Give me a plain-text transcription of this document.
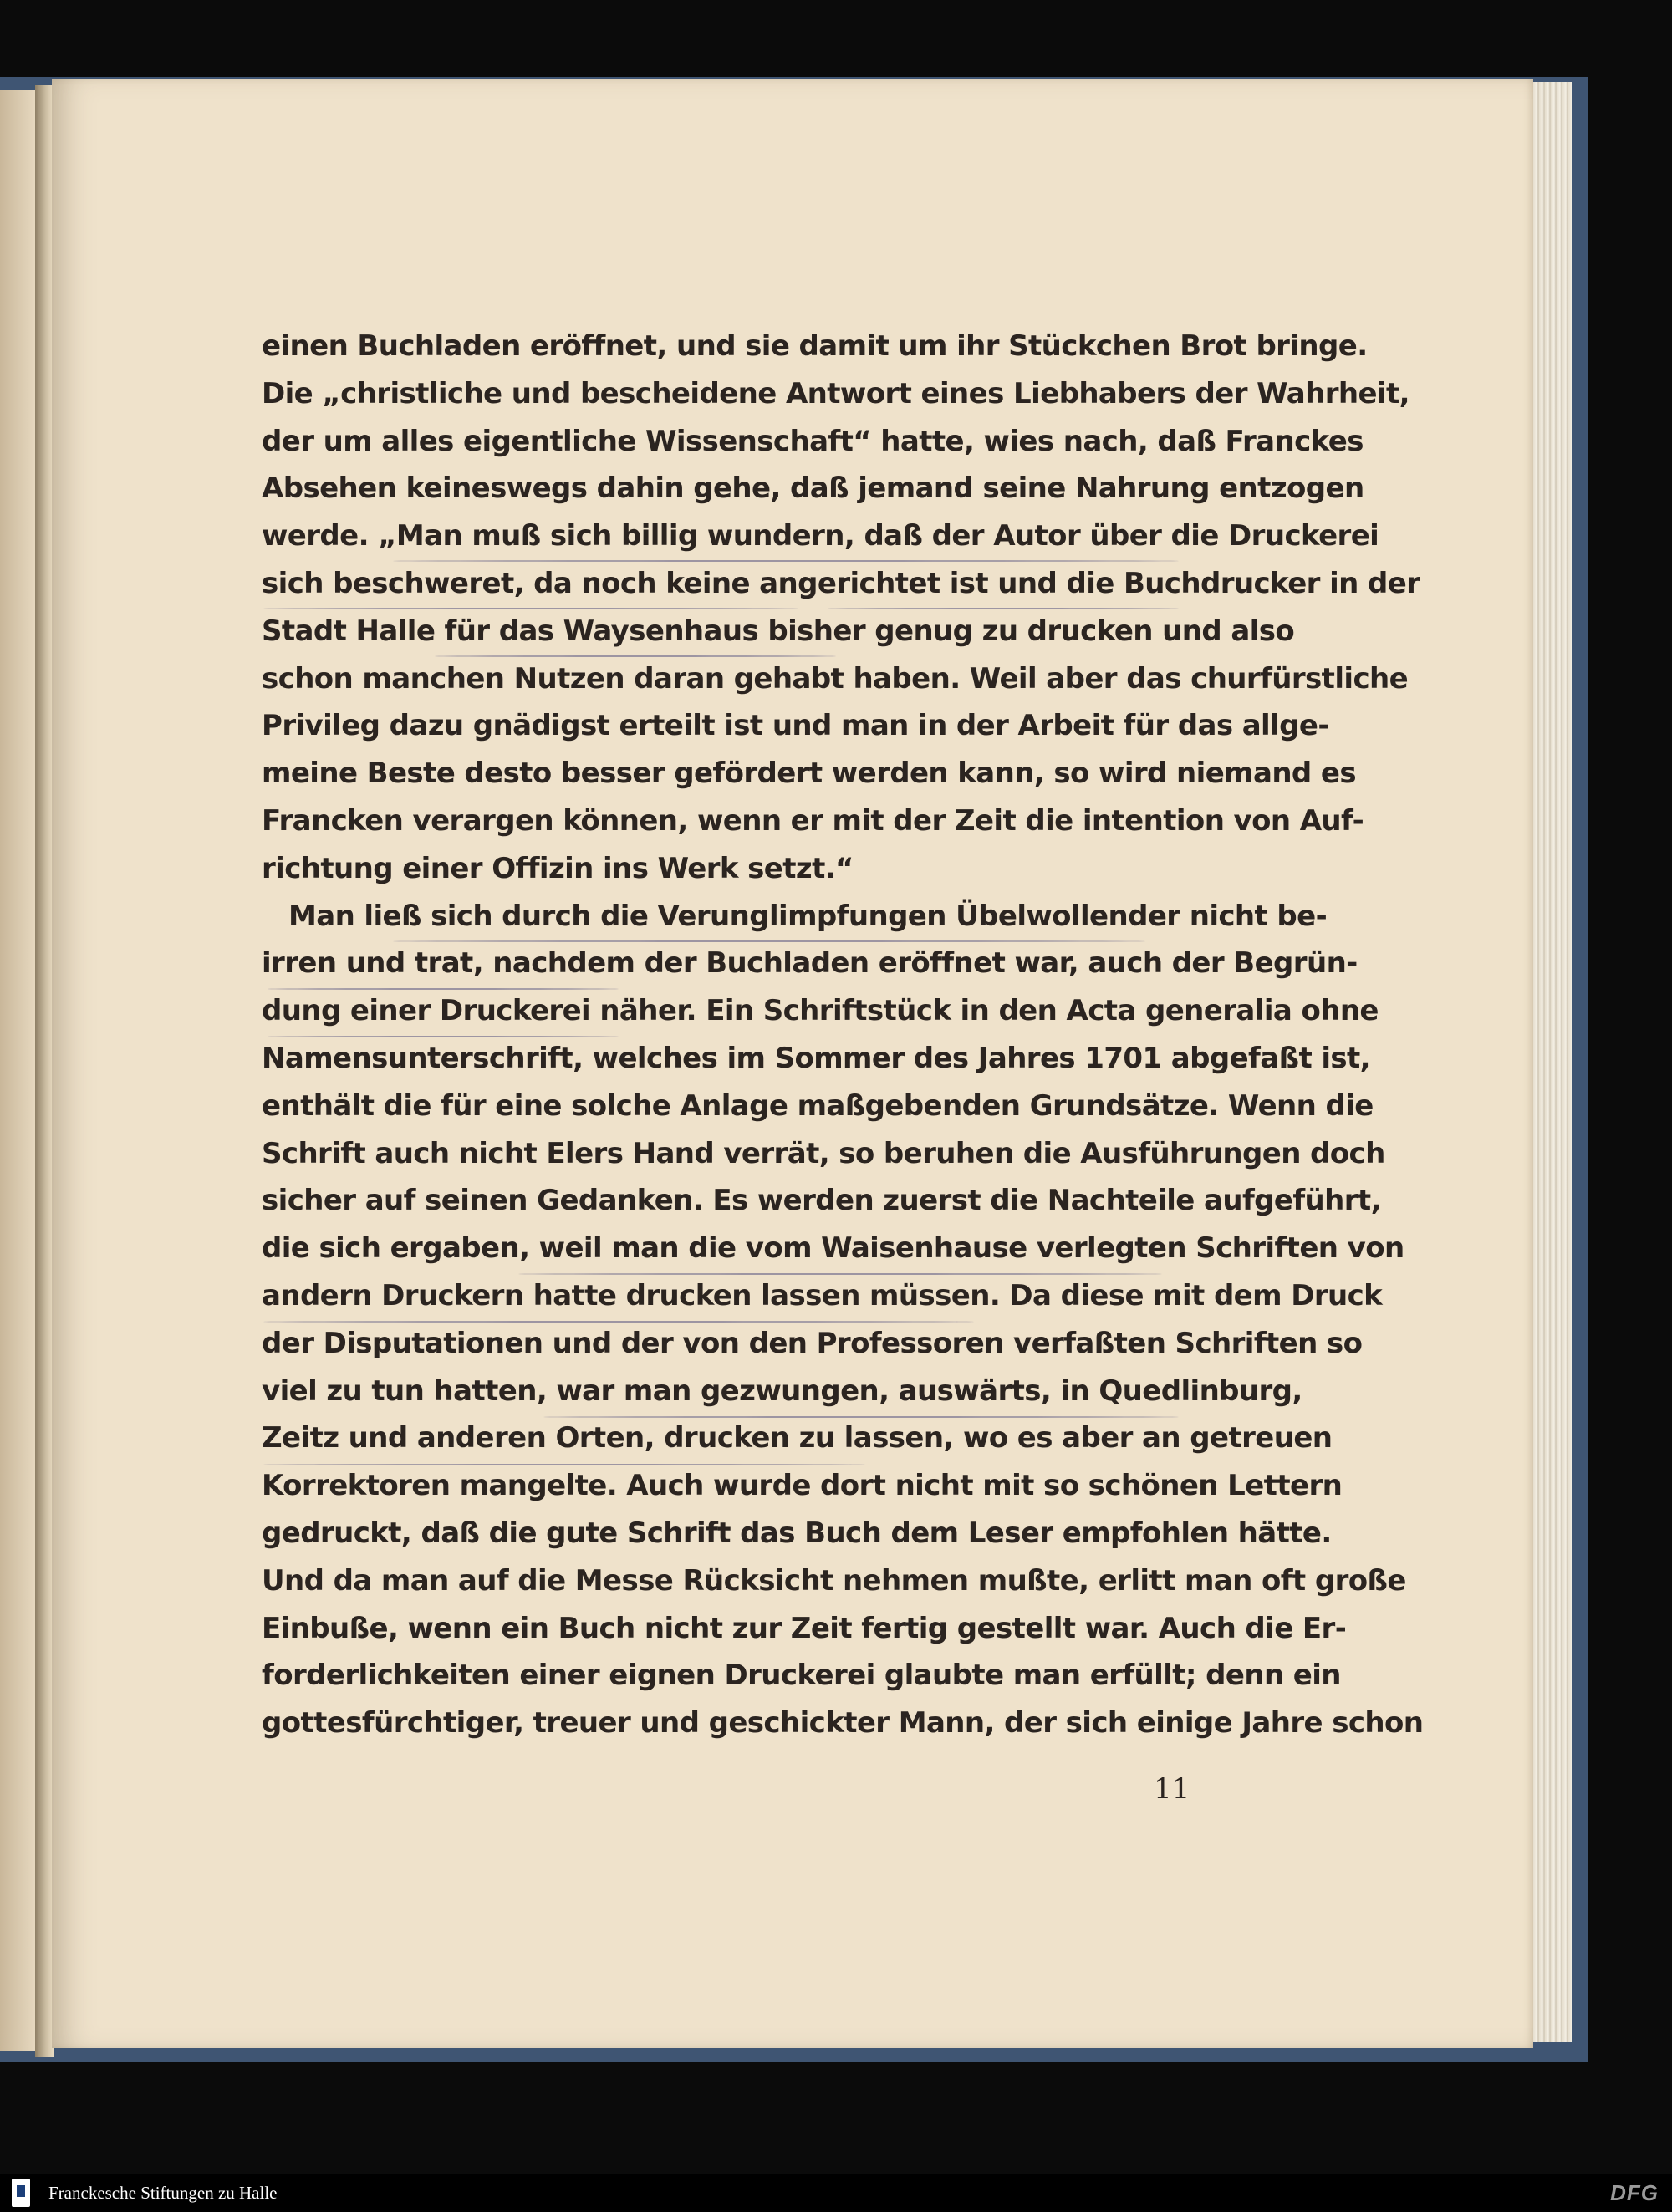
einen Buchladen eröffnet, und sie damit um ihr Stückchen Brot bringe.
Die „christliche und bescheidene Antwort eines Liebhabers der Wahrheit,
der um alles eigentliche Wissenschaft“ hatte, wies nach, daß Franckes
Absehen keineswegs dahin gehe, daß jemand seine Nahrung entzogen
werde. „Man muß sich billig wundern, daß der Autor über die Druckerei
sich beschweret, da noch keine angerichtet ist und die Buchdrucker in der
Stadt Halle für das Waysenhaus bisher genug zu drucken und also
schon manchen Nutzen daran gehabt haben. Weil aber das churfürstliche
Privileg dazu gnädigst erteilt ist und man in der Arbeit für das allge-
meine Beste desto besser gefördert werden kann, so wird niemand es
Francken verargen können, wenn er mit der Zeit die intention von Auf-
richtung einer Offizin ins Werk setzt.“
Man ließ sich durch die Verunglimpfungen Übelwollender nicht be-
irren und trat, nachdem der Buchladen eröffnet war, auch der Begrün-
dung einer Druckerei näher. Ein Schriftstück in den Acta generalia ohne
Namensunterschrift, welches im Sommer des Jahres 1701 abgefaßt ist,
enthält die für eine solche Anlage maßgebenden Grundsätze. Wenn die
Schrift auch nicht Elers Hand verrät, so beruhen die Ausführungen doch
sicher auf seinen Gedanken. Es werden zuerst die Nachteile aufgeführt,
die sich ergaben, weil man die vom Waisenhause verlegten Schriften von
andern Druckern hatte drucken lassen müssen. Da diese mit dem Druck
der Disputationen und der von den Professoren verfaßten Schriften so
viel zu tun hatten, war man gezwungen, auswärts, in Quedlinburg,
Zeitz und anderen Orten, drucken zu lassen, wo es aber an getreuen
Korrektoren mangelte. Auch wurde dort nicht mit so schönen Lettern
gedruckt, daß die gute Schrift das Buch dem Leser empfohlen hätte.
Und da man auf die Messe Rücksicht nehmen mußte, erlitt man oft große
Einbuße, wenn ein Buch nicht zur Zeit fertig gestellt war. Auch die Er-
forderlichkeiten einer eignen Druckerei glaubte man erfüllt; denn ein
gottesfürchtiger, treuer und geschickter Mann, der sich einige Jahre schon
11
Franckesche Stiftungen zu Halle	DFG
